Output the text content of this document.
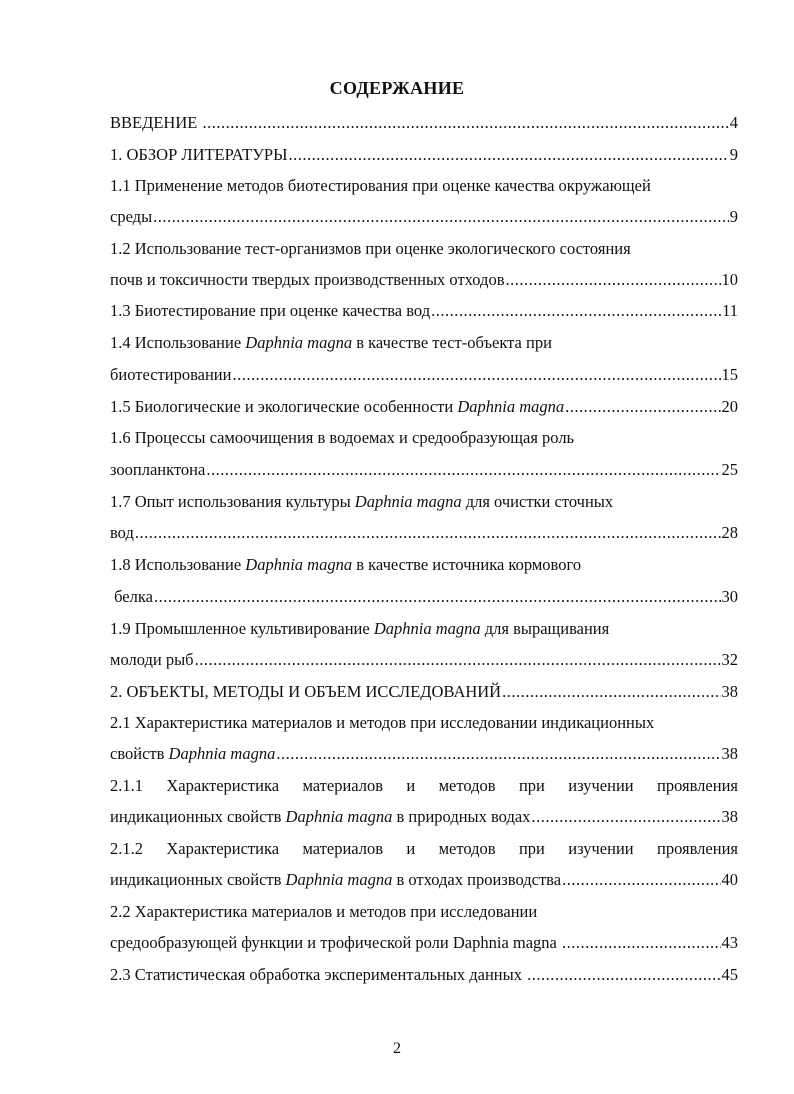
СОДЕРЖАНИЕ
ВВЕДЕНИЕ .....	4
1. ОБЗОР ЛИТЕРАТУРЫ .....	9
1.1 Применение методов биотестирования при оценке качества окружающей
среды .....	9
1.2 Использование тест-организмов при оценке экологического состояния
почв и токсичности твердых производственных отходов .....	10
1.3 Биотестирование при оценке качества вод .....	11
1.4 Использование Daphnia magna в качестве тест-объекта при
биотестировании .....	15
1.5 Биологические и экологические особенности Daphnia magna .....	20
1.6 Процессы самоочищения в водоемах и средообразующая роль
зоопланктона .....	25
1.7 Опыт использования культуры Daphnia magna для очистки сточных
вод .....	28
1.8 Использование Daphnia magna в качестве источника кормового
белка .....	30
1.9 Промышленное культивирование Daphnia magna для выращивания
молоди рыб .....	32
2. ОБЪЕКТЫ, МЕТОДЫ И ОБЪЕМ ИССЛЕДОВАНИЙ .....	38
2.1 Характеристика материалов и методов при исследовании индикационных
свойств Daphnia magna .....	38
2.1.1 Характеристика материалов и методов при изучении проявления
индикационных свойств Daphnia magna в природных водах .....	38
2.1.2 Характеристика материалов и методов при изучении проявления
индикационных свойств Daphnia magna в отходах производства .....	40
2.2 Характеристика материалов и методов при исследовании
средообразующей функции и трофической роли Daphnia magna .....	43
2.3 Статистическая обработка экспериментальных данных .....	45
2
